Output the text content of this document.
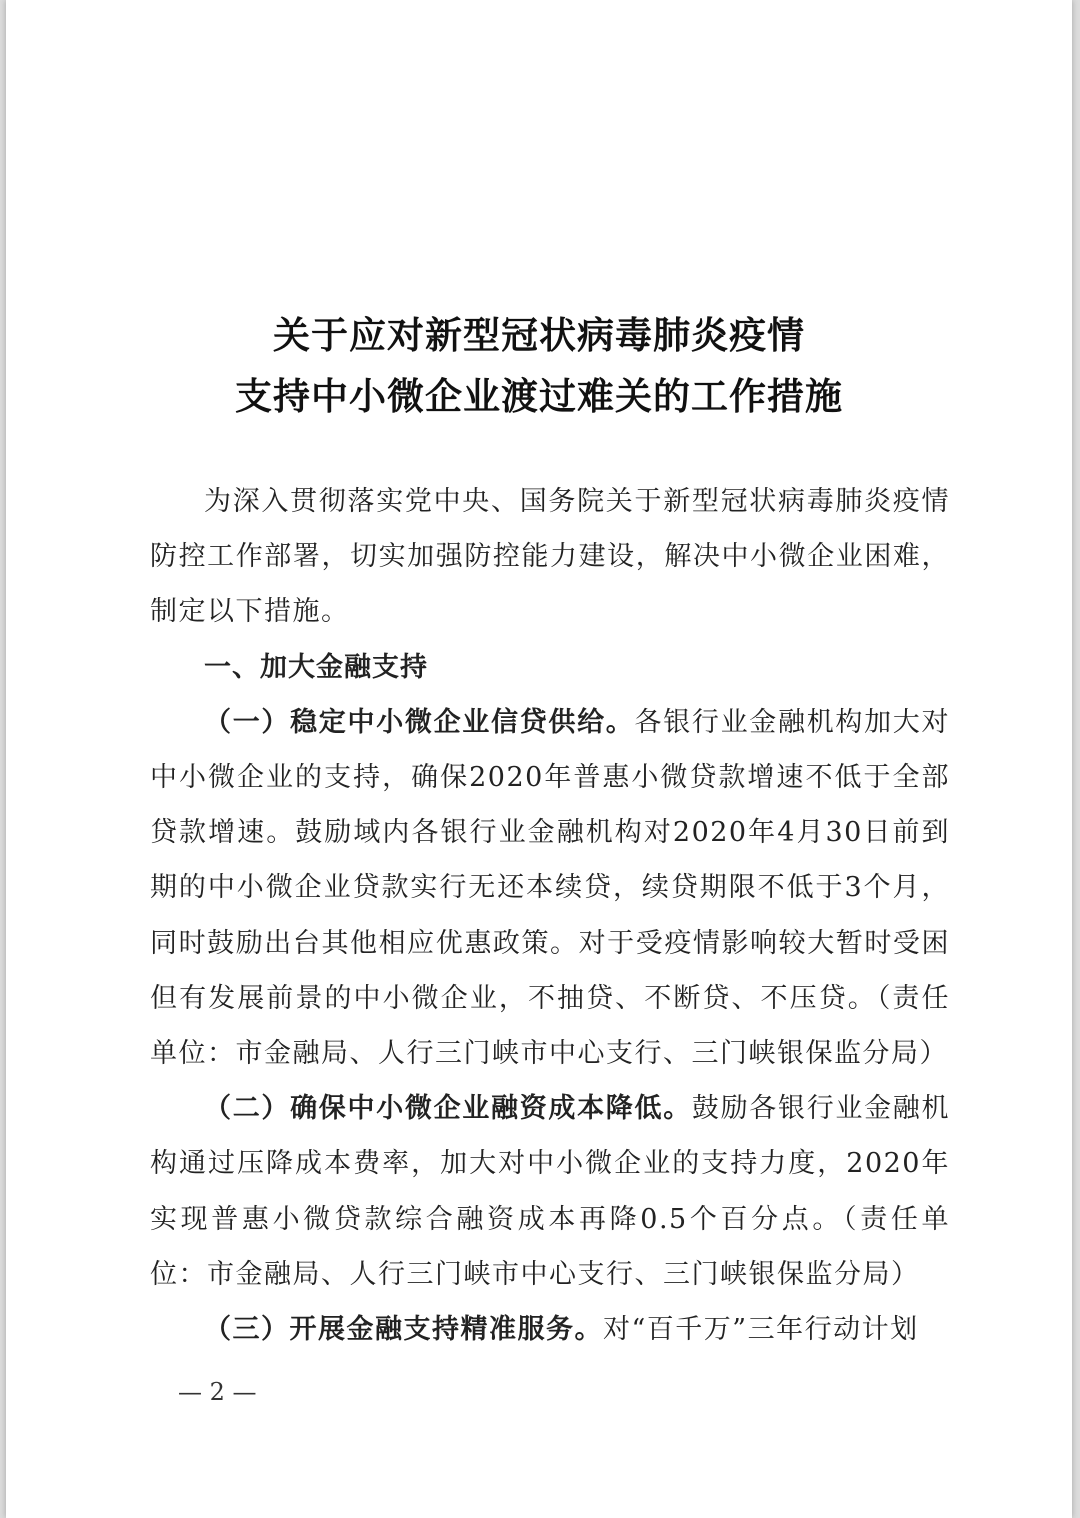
关于应对新型冠状病毒肺炎疫情
支持中小微企业渡过难关的工作措施

为深入贯彻落实党中央、国务院关于新型冠状病毒肺炎疫情防控工作部署，切实加强防控能力建设，解决中小微企业困难，制定以下措施。

一、加大金融支持

（一）稳定中小微企业信贷供给。各银行业金融机构加大对中小微企业的支持，确保2020年普惠小微贷款增速不低于全部贷款增速。鼓励域内各银行业金融机构对2020年4月30日前到期的中小微企业贷款实行无还本续贷，续贷期限不低于3个月，同时鼓励出台其他相应优惠政策。对于受疫情影响较大暂时受困但有发展前景的中小微企业，不抽贷、不断贷、不压贷。（责任单位：市金融局、人行三门峡市中心支行、三门峡银保监分局）

（二）确保中小微企业融资成本降低。鼓励各银行业金融机构通过压降成本费率，加大对中小微企业的支持力度，2020年实现普惠小微贷款综合融资成本再降0.5个百分点。（责任单位：市金融局、人行三门峡市中心支行、三门峡银保监分局）

（三）开展金融支持精准服务。对“百千万”三年行动计划

— 2 —
